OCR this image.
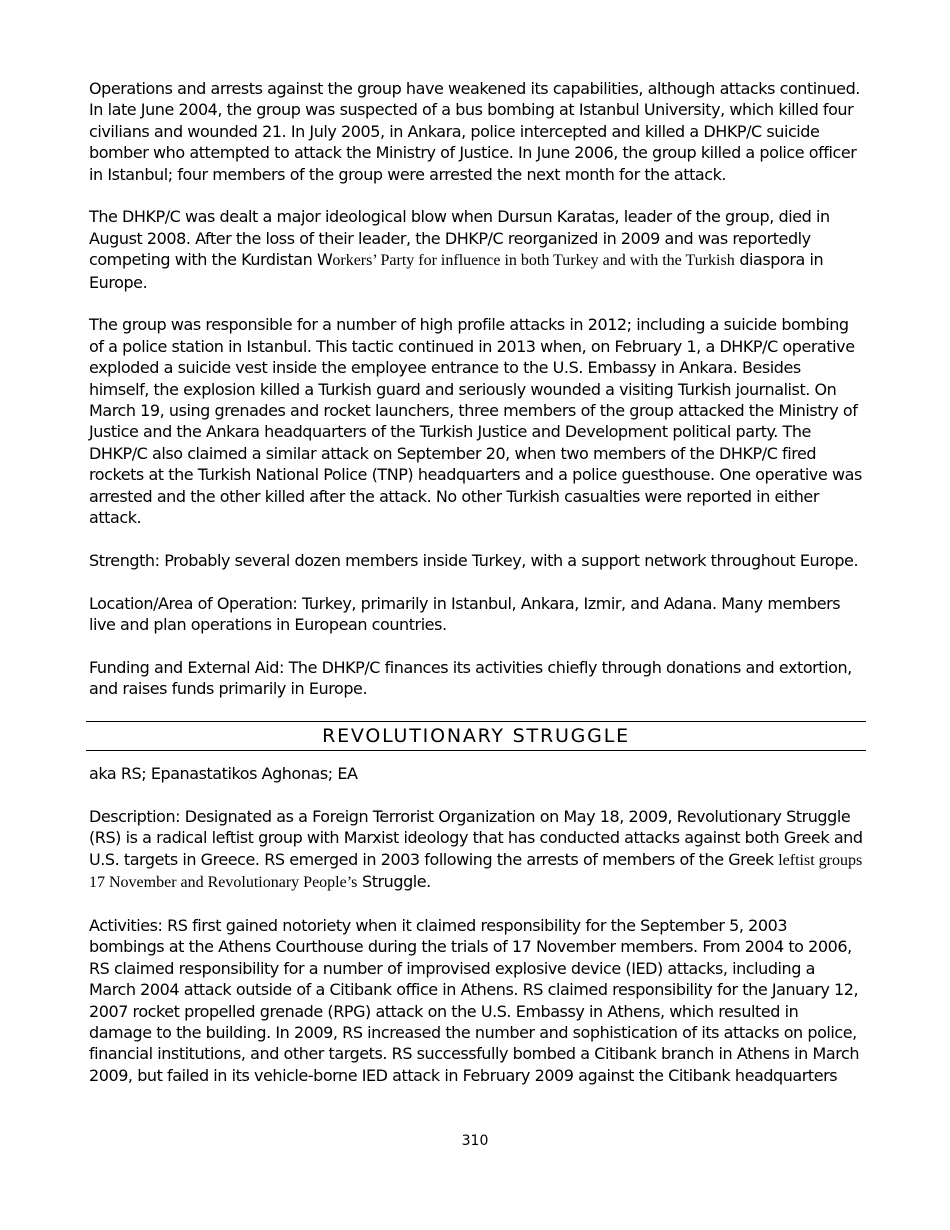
Operations and arrests against the group have weakened its capabilities, although attacks continued. In late June 2004, the group was suspected of a bus bombing at Istanbul University, which killed four civilians and wounded 21. In July 2005, in Ankara, police intercepted and killed a DHKP/C suicide bomber who attempted to attack the Ministry of Justice. In June 2006, the group killed a police officer in Istanbul; four members of the group were arrested the next month for the attack.

The DHKP/C was dealt a major ideological blow when Dursun Karatas, leader of the group, died in August 2008. After the loss of their leader, the DHKP/C reorganized in 2009 and was reportedly competing with the Kurdistan Workers’ Party for influence in both Turkey and with the Turkish diaspora in Europe.

The group was responsible for a number of high profile attacks in 2012; including a suicide bombing of a police station in Istanbul. This tactic continued in 2013 when, on February 1, a DHKP/C operative exploded a suicide vest inside the employee entrance to the U.S. Embassy in Ankara. Besides himself, the explosion killed a Turkish guard and seriously wounded a visiting Turkish journalist. On March 19, using grenades and rocket launchers, three members of the group attacked the Ministry of Justice and the Ankara headquarters of the Turkish Justice and Development political party. The DHKP/C also claimed a similar attack on September 20, when two members of the DHKP/C fired rockets at the Turkish National Police (TNP) headquarters and a police guesthouse. One operative was arrested and the other killed after the attack. No other Turkish casualties were reported in either attack.

Strength: Probably several dozen members inside Turkey, with a support network throughout Europe.

Location/Area of Operation: Turkey, primarily in Istanbul, Ankara, Izmir, and Adana. Many members live and plan operations in European countries.

Funding and External Aid: The DHKP/C finances its activities chiefly through donations and extortion, and raises funds primarily in Europe.

REVOLUTIONARY STRUGGLE

aka RS; Epanastatikos Aghonas; EA

Description: Designated as a Foreign Terrorist Organization on May 18, 2009, Revolutionary Struggle (RS) is a radical leftist group with Marxist ideology that has conducted attacks against both Greek and U.S. targets in Greece. RS emerged in 2003 following the arrests of members of the Greek leftist groups 17 November and Revolutionary People’s Struggle.

Activities: RS first gained notoriety when it claimed responsibility for the September 5, 2003 bombings at the Athens Courthouse during the trials of 17 November members. From 2004 to 2006, RS claimed responsibility for a number of improvised explosive device (IED) attacks, including a March 2004 attack outside of a Citibank office in Athens. RS claimed responsibility for the January 12, 2007 rocket propelled grenade (RPG) attack on the U.S. Embassy in Athens, which resulted in damage to the building. In 2009, RS increased the number and sophistication of its attacks on police, financial institutions, and other targets. RS successfully bombed a Citibank branch in Athens in March 2009, but failed in its vehicle-borne IED attack in February 2009 against the Citibank headquarters

310
